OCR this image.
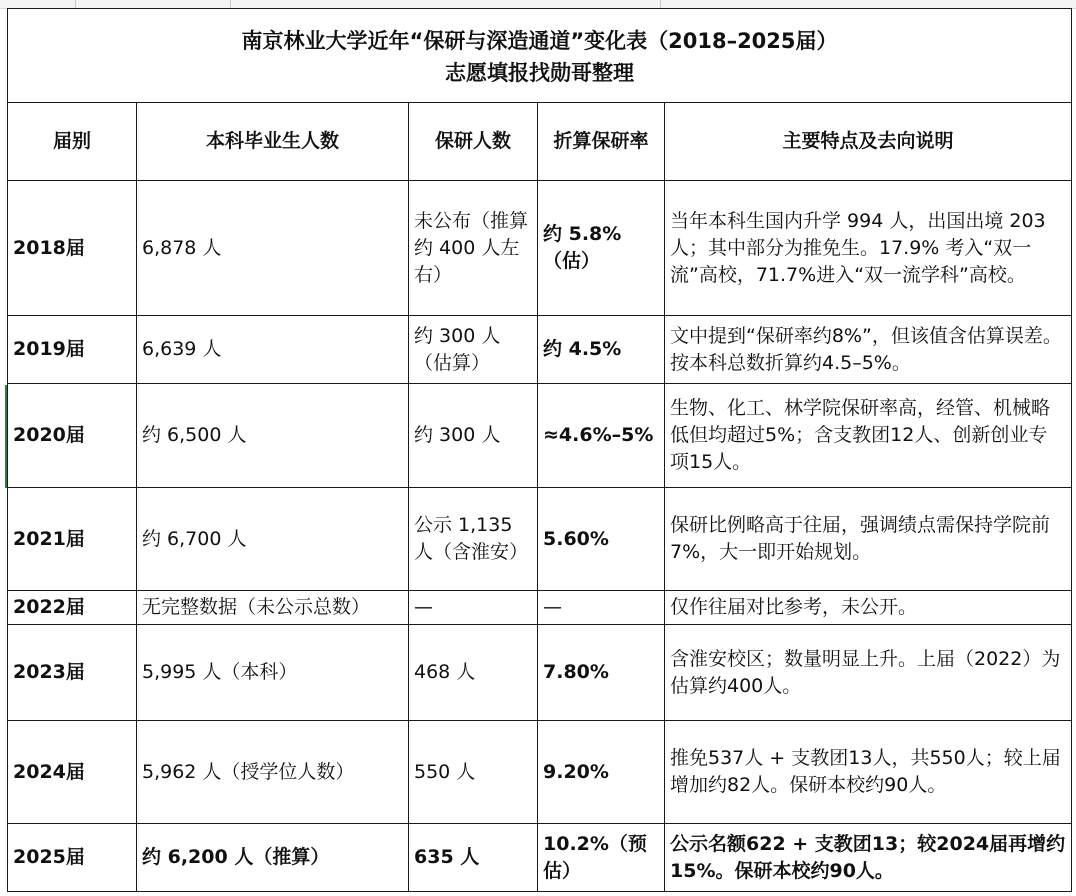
南京林业大学近年“保研与深造通道”变化表（2018–2025届）
志愿填报找勋哥整理				

届别	本科毕业生人数	保研人数	折算保研率	主要特点及去向说明
2018届	6,878 人	未公布（推算约 400 人左右）	约 5.8%（估）	当年本科生国内升学 994 人，出国出境 203 人；其中部分为推免生。17.9% 考入“双一流”高校，71.7%进入“双一流学科”高校。
2019届	6,639 人	约 300 人（估算）	约 4.5%	文中提到“保研率约8%”，但该值含估算误差。按本科总数折算约4.5–5%。
2020届	约 6,500 人	约 300 人	≈4.6%–5%	生物、化工、林学院保研率高，经管、机械略低但均超过5%；含支教团12人、创新创业专项15人。
2021届	约 6,700 人	公示 1,135 人（含淮安）	5.60%	保研比例略高于往届，强调绩点需保持学院前7%，大一即开始规划。
2022届	无完整数据（未公示总数）	—	—	仅作往届对比参考，未公开。
2023届	5,995 人（本科）	468 人	7.80%	含淮安校区；数量明显上升。上届（2022）为估算约400人。
2024届	5,962 人（授学位人数）	550 人	9.20%	推免537人 + 支教团13人，共550人；较上届增加约82人。保研本校约90人。
2025届	约 6,200 人（推算）	635 人	10.2%（预估）	公示名额622 + 支教团13；较2024届再增约15%。保研本校约90人。
